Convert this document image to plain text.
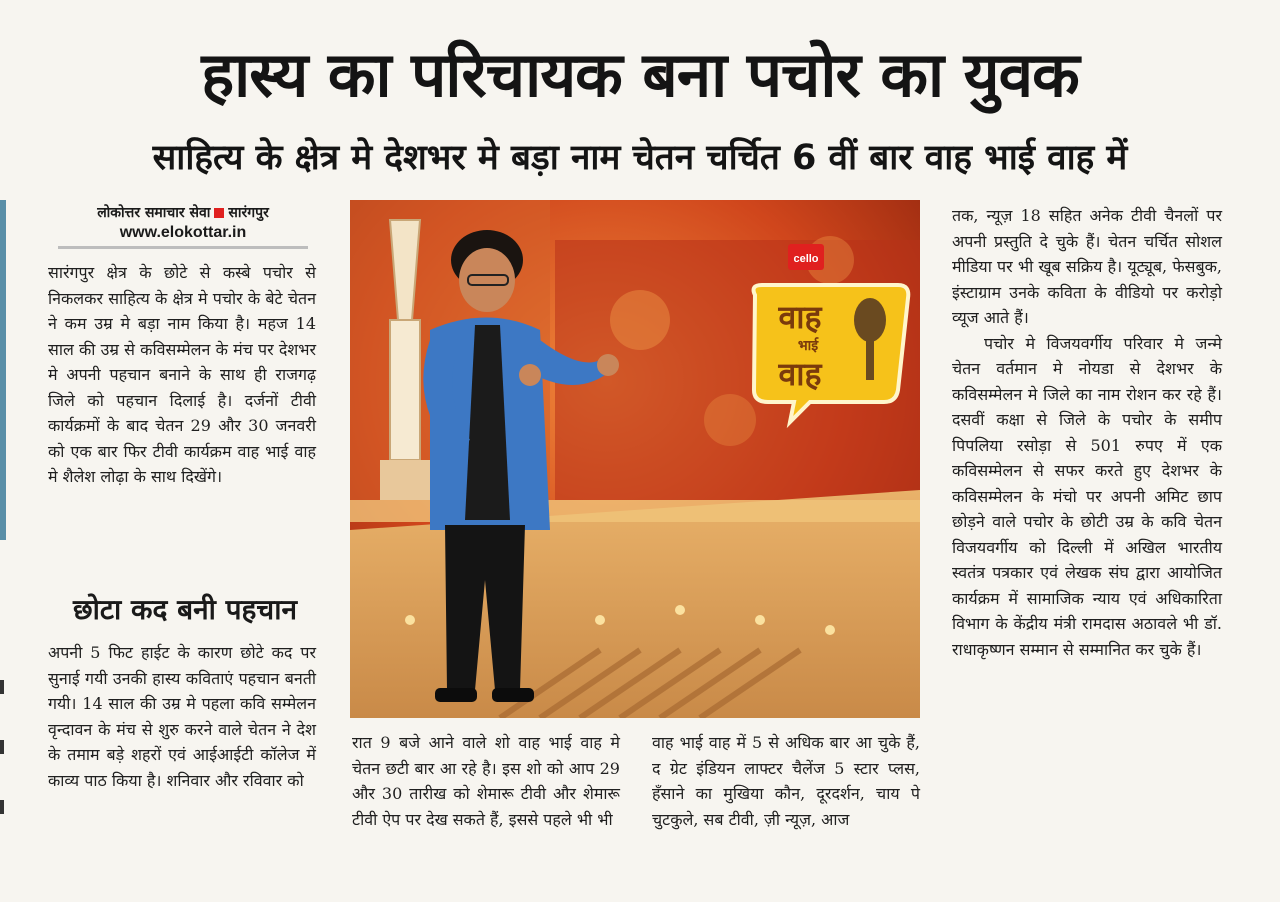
हास्य का परिचायक बना पचोर का युवक
साहित्य के क्षेत्र मे देशभर मे बड़ा नाम चेतन चर्चित 6 वीं बार वाह भाई वाह में
लोकोत्तर समाचार सेवा सारंगपुर
www.elokottar.in

सारंगपुर क्षेत्र के छोटे से कस्बे पचोर से निकलकर साहित्य के क्षेत्र मे पचोर के बेटे चेतन ने कम उम्र मे बड़ा नाम किया है। महज 14 साल की उम्र से कविसम्मेलन के मंच पर देशभर मे अपनी पहचान बनाने के साथ ही राजगढ़ जिले को पहचान दिलाई है। दर्जनों टीवी कार्यक्रमों के बाद चेतन 29 और 30 जनवरी को एक बार फिर टीवी कार्यक्रम वाह भाई वाह मे शैलेश लोढ़ा के साथ दिखेंगे।

छोटा कद बनी पहचान

अपनी 5 फिट हाईट के कारण छोटे कद पर सुनाई गयी उनकी हास्य कविताएं पहचान बनती गयी। 14 साल की उम्र मे पहला कवि सम्मेलन वृन्दावन के मंच से शुरु करने वाले चेतन ने देश के तमाम बड़े शहरों एवं आईआईटी कॉलेज में काव्य पाठ किया है। शनिवार और रविवार को

cello
वाह
भाई
वाह

रात 9 बजे आने वाले शो वाह भाई वाह मे चेतन छटी बार आ रहे है। इस शो को आप 29 और 30 तारीख को शेमारू टीवी और शेमारू टीवी ऐप पर देख सकते हैं, इससे पहले भी भी

वाह भाई वाह में 5 से अधिक बार आ चुके हैं, द ग्रेट इंडियन लाफ्टर चैलेंज 5 स्टार प्लस, हँसाने का मुखिया कौन, दूरदर्शन, चाय पे चुटकुले, सब टीवी, ज़ी न्यूज़, आज

तक, न्यूज़ 18 सहित अनेक टीवी चैनलों पर अपनी प्रस्तुति दे चुके हैं। चेतन चर्चित सोशल मीडिया पर भी खूब सक्रिय है। यूट्यूब, फेसबुक, इंस्टाग्राम उनके कविता के वीडियो पर करोड़ो व्यूज आते हैं।

पचोर मे विजयवर्गीय परिवार मे जन्मे चेतन वर्तमान मे नोयडा से देशभर के कविसम्मेलन मे जिले का नाम रोशन कर रहे हैं। दसवीं कक्षा से जिले के पचोर के समीप पिपलिया रसोड़ा से 501 रुपए में एक कविसम्मेलन से सफर करते हुए देशभर के कविसम्मेलन के मंचो पर अपनी अमिट छाप छोड़ने वाले पचोर के छोटी उम्र के कवि चेतन विजयवर्गीय को दिल्ली में अखिल भारतीय स्वतंत्र पत्रकार एवं लेखक संघ द्वारा आयोजित कार्यक्रम में सामाजिक न्याय एवं अधिकारिता विभाग के केंद्रीय मंत्री रामदास अठावले भी डॉ. राधाकृष्णन सम्मान से सम्मानित कर चुके हैं।
